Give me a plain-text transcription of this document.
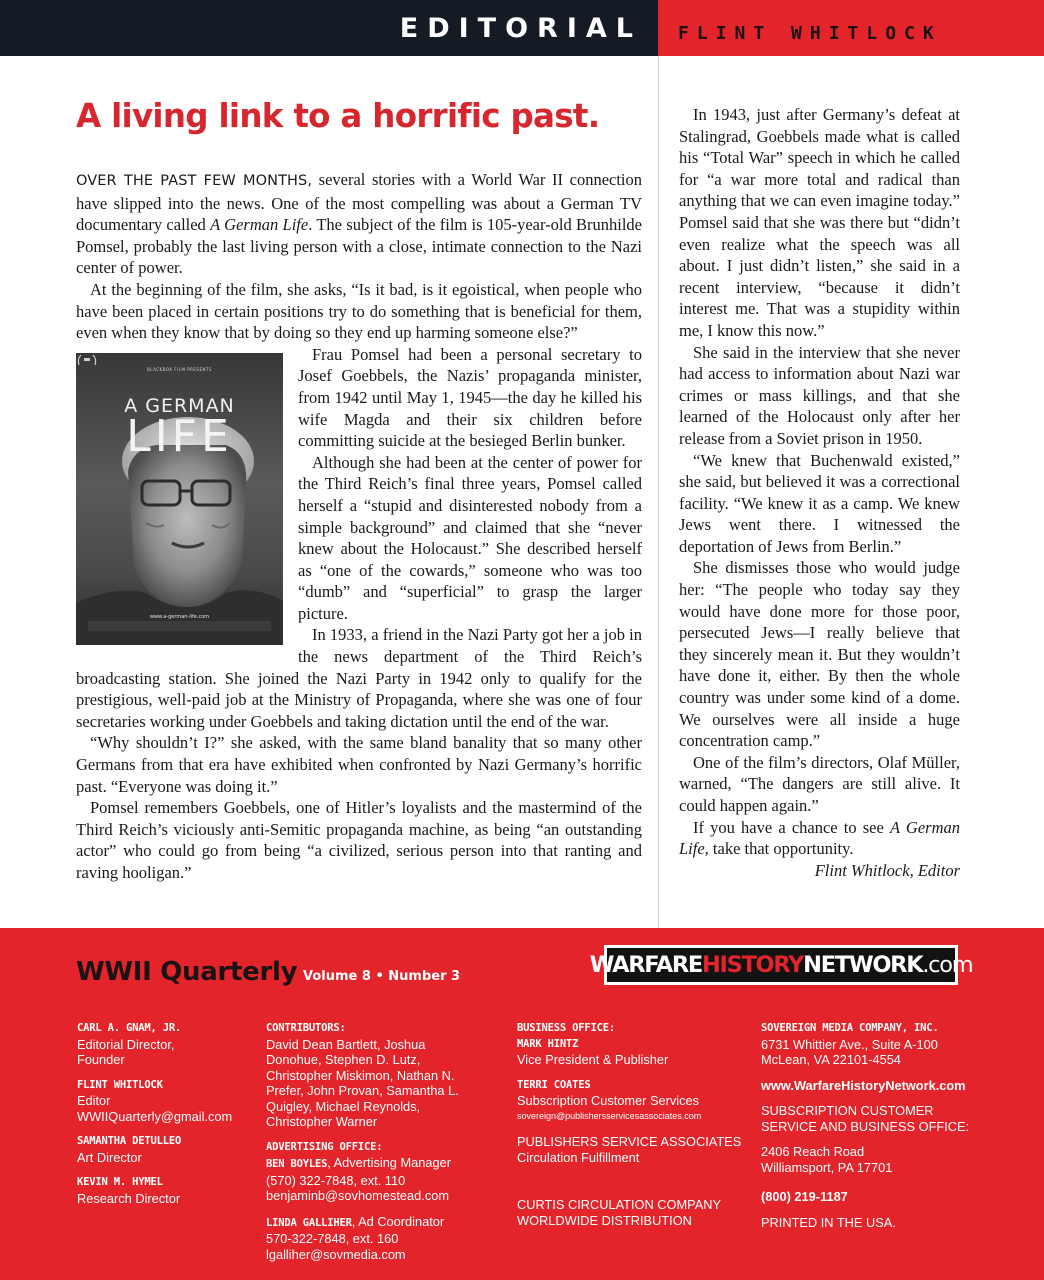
EDITORIAL FLINT WHITLOCK
A living link to a horrific past.

OVER THE PAST FEW MONTHS, several stories with a World War II connection have slipped into the news. One of the most compelling was about a German TV documentary called A German Life. The subject of the film is 105-year-old Brunhilde Pomsel, probably the last living person with a close, intimate connection to the Nazi center of power.

At the beginning of the film, she asks, “Is it bad, is it egoistical, when people who have been placed in certain positions try to do something that is beneficial for them, even when they know that by doing so they end up harming someone else?”

BLACKBOX FILM PRESENTS
A GERMAN
LIFE
www.a-german-life.com

Frau Pomsel had been a personal secretary to Josef Goebbels, the Nazis’ propaganda minister, from 1942 until May 1, 1945—the day he killed his wife Magda and their six children before committing suicide at the besieged Berlin bunker.

Although she had been at the center of power for the Third Reich’s final three years, Pomsel called herself a “stupid and disinterested nobody from a simple background” and claimed that she “never knew about the Holocaust.” She described herself as “one of the cowards,” someone who was too “dumb” and “superficial” to grasp the larger picture.

In 1933, a friend in the Nazi Party got her a job in the news department of the Third Reich’s broadcasting station. She joined the Nazi Party in 1942 only to qualify for the prestigious, well-paid job at the Ministry of Propaganda, where she was one of four secretaries working under Goebbels and taking dictation until the end of the war.

“Why shouldn’t I?” she asked, with the same bland banality that so many other Germans from that era have exhibited when confronted by Nazi Germany’s horrific past. “Everyone was doing it.”

Pomsel remembers Goebbels, one of Hitler’s loyalists and the mastermind of the Third Reich’s viciously anti-Semitic propaganda machine, as being “an outstanding actor” who could go from being “a civilized, serious person into that ranting and raving hooligan.”

In 1943, just after Germany’s defeat at Stalingrad, Goebbels made what is called his “Total War” speech in which he called for “a war more total and radical than anything that we can even imagine today.” Pomsel said that she was there but “didn’t even realize what the speech was all about. I just didn’t listen,” she said in a recent interview, “because it didn’t interest me. That was a stupidity within me, I know this now.”

She said in the interview that she never had access to information about Nazi war crimes or mass killings, and that she learned of the Holocaust only after her release from a Soviet prison in 1950.

“We knew that Buchenwald existed,” she said, but believed it was a correctional facility. “We knew it as a camp. We knew Jews went there. I witnessed the deportation of Jews from Berlin.”

She dismisses those who would judge her: “The people who today say they would have done more for those poor, persecuted Jews—I really believe that they sincerely mean it. But they wouldn’t have done it, either. By then the whole country was under some kind of a dome. We ourselves were all inside a huge concentration camp.”

One of the film’s directors, Olaf Müller, warned, “The dangers are still alive. It could happen again.”

If you have a chance to see A German Life, take that opportunity.

Flint Whitlock, Editor

WWII Quarterly Volume 8 • Number 3	WARFARE HISTORY NETWORK .com
CARL A. GNAM, JR.
Editorial Director,
Founder
FLINT WHITLOCK
Editor
WWIIQuarterly@gmail.com
SAMANTHA DETULLEO
Art Director
KEVIN M. HYMEL
Research Director
CONTRIBUTORS:
David Dean Bartlett, Joshua
Donohue, Stephen D. Lutz,
Christopher Miskimon, Nathan N.
Prefer, John Provan, Samantha L.
Quigley, Michael Reynolds,
Christopher Warner
ADVERTISING OFFICE:
BEN BOYLES, Advertising Manager
(570) 322-7848, ext. 110
benjaminb@sovhomestead.com
LINDA GALLIHER, Ad Coordinator
570-322-7848, ext. 160
lgalliher@sovmedia.com
BUSINESS OFFICE:
MARK HINTZ
Vice President & Publisher
TERRI COATES
Subscription Customer Services
sovereign@publishersservicesassociates.com
PUBLISHERS SERVICE ASSOCIATES
Circulation Fulfillment
CURTIS CIRCULATION COMPANY
WORLDWIDE DISTRIBUTION
SOVEREIGN MEDIA COMPANY, INC.
6731 Whittier Ave., Suite A-100
McLean, VA 22101-4554
www.WarfareHistoryNetwork.com
SUBSCRIPTION CUSTOMER
SERVICE AND BUSINESS OFFICE:
2406 Reach Road
Williamsport, PA 17701
(800) 219-1187
PRINTED IN THE USA.
